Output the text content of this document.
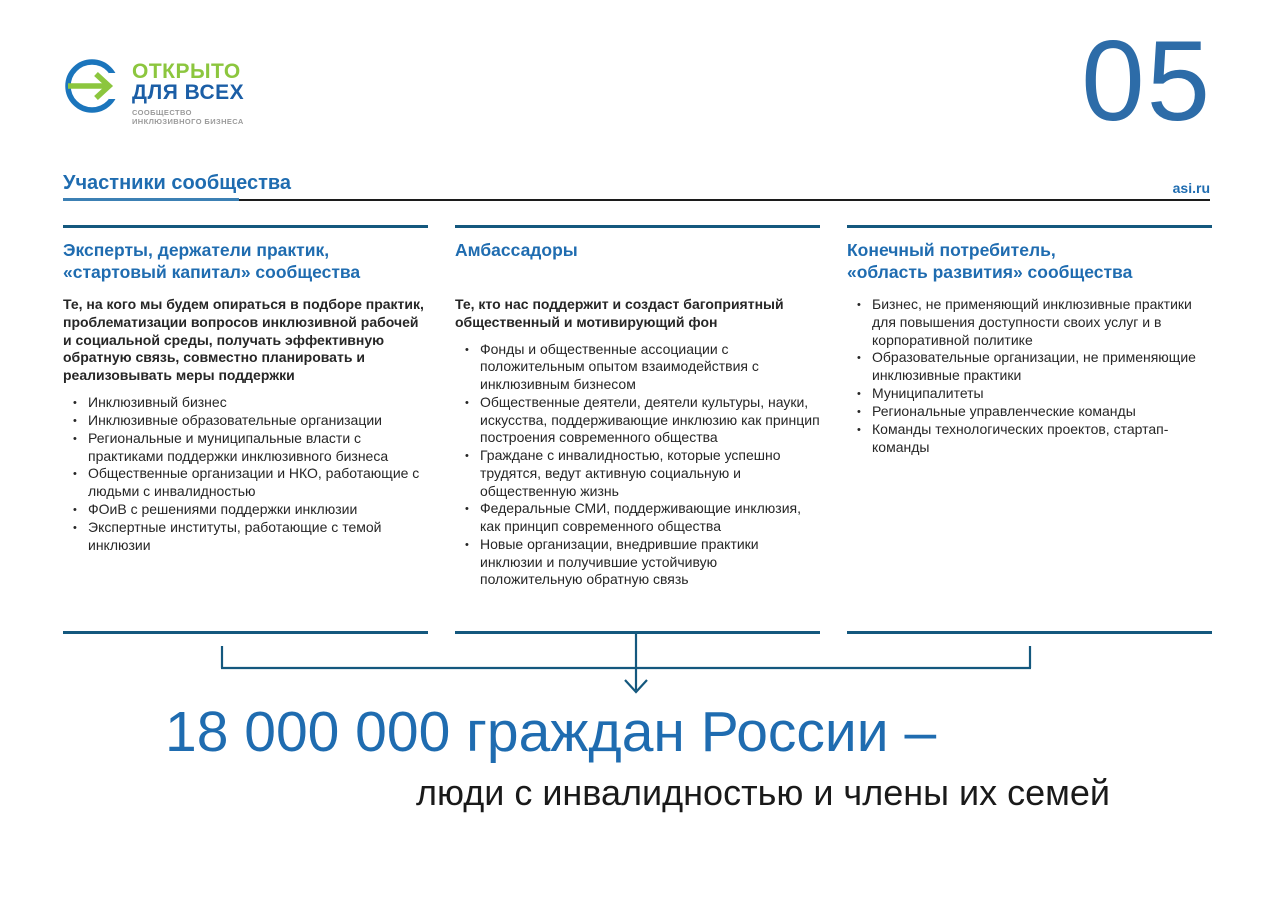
ОТКРЫТО
ДЛЯ ВСЕХ
СООБЩЕСТВО
ИНКЛЮЗИВНОГО БИЗНЕСА	05
Участники сообщества	asi.ru
Эксперты, держатели практик,
«стартовый капитал» сообщества

Те, на кого мы будем опираться в подборе практик, проблематизации вопросов инклюзивной рабочей и социальной среды, получать эффективную обратную связь, совместно планировать и реализовывать меры поддержки

• Инклюзивный бизнес
• Инклюзивные образовательные организации
• Региональные и муниципальные власти с практиками поддержки инклюзивного бизнеса
• Общественные организации и НКО, работающие с людьми с инвалидностью
• ФОиВ с решениями поддержки инклюзии
• Экспертные институты, работающие с темой инклюзии
Амбассадоры

Те, кто нас поддержит и создаст багоприятный общественный и мотивирующий фон

• Фонды и общественные ассоциации с положительным опытом взаимодействия с инклюзивным бизнесом
• Общественные деятели, деятели культуры, науки, искусства, поддерживающие инклюзию как принцип построения современного общества
• Граждане с инвалидностью, которые успешно трудятся, ведут активную социальную и общественную жизнь
• Федеральные СМИ, поддерживающие инклюзия, как принцип современного общества
• Новые организации, внедрившие практики инклюзии и получившие устойчивую положительную обратную связь
Конечный потребитель,
«область развития» сообщества
• Бизнес, не применяющий инклюзивные практики для повышения доступности своих услуг и в корпоративной политике
• Образовательные организации, не применяющие инклюзивные практики
• Муниципалитеты
• Региональные управленческие команды
• Команды технологических проектов, стартап-команды
18 000 000 граждан России –
люди с инвалидностью и члены их семей
